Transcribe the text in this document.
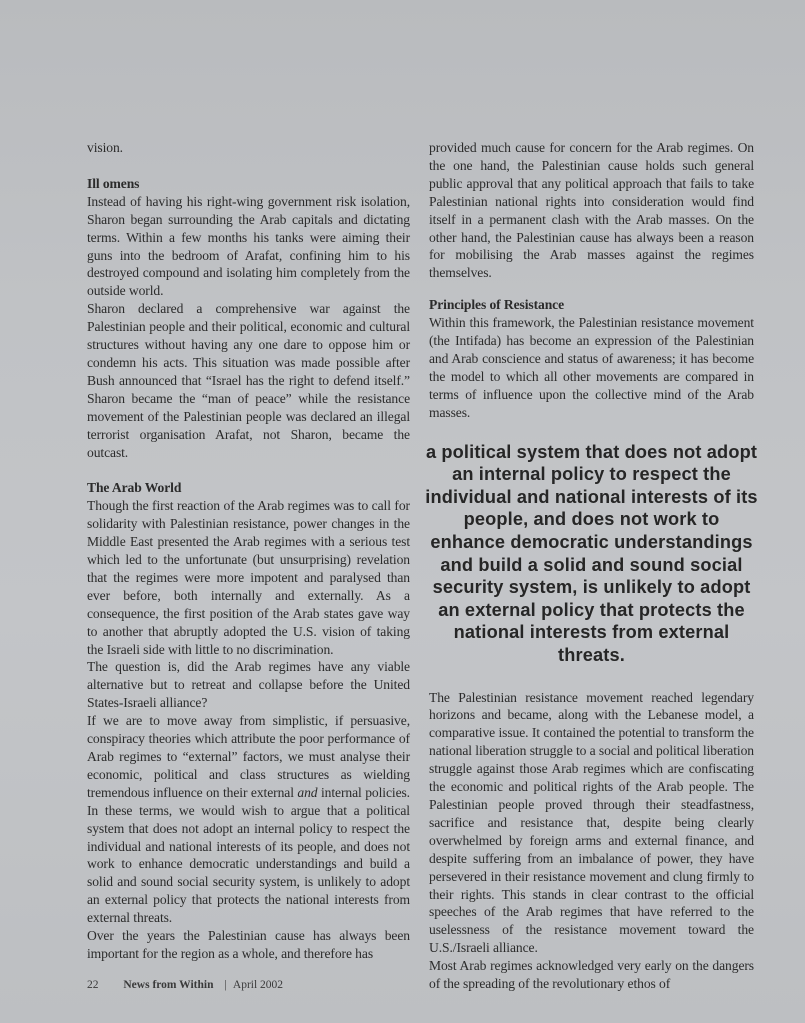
vision.

Ill omens

Instead of having his right-wing government risk isolation, Sharon began surrounding the Arab capitals and dictating terms. Within a few months his tanks were aiming their guns into the bedroom of Arafat, confining him to his destroyed compound and isolating him completely from the outside world.

Sharon declared a comprehensive war against the Palestinian people and their political, economic and cultural structures without having any one dare to oppose him or condemn his acts. This situation was made possible after Bush announced that “Israel has the right to defend itself.” Sharon became the “man of peace” while the resistance movement of the Palestinian people was declared an illegal terrorist organisation Arafat, not Sharon, became the outcast.

The Arab World

Though the first reaction of the Arab regimes was to call for solidarity with Palestinian resistance, power changes in the Middle East presented the Arab regimes with a serious test which led to the unfortunate (but unsurprising) revelation that the regimes were more impotent and paralysed than ever before, both internally and externally. As a consequence, the first position of the Arab states gave way to another that abruptly adopted the U.S. vision of taking the Israeli side with little to no discrimination.

The question is, did the Arab regimes have any viable alternative but to retreat and collapse before the United States-Israeli alliance?

If we are to move away from simplistic, if persuasive, conspiracy theories which attribute the poor performance of Arab regimes to “external” factors, we must analyse their economic, political and class structures as wielding tremendous influence on their external and internal policies. In these terms, we would wish to argue that a political system that does not adopt an internal policy to respect the individual and national interests of its people, and does not work to enhance democratic understandings and build a solid and sound social security system, is unlikely to adopt an external policy that protects the national interests from external threats.

Over the years the Palestinian cause has always been important for the region as a whole, and therefore has

provided much cause for concern for the Arab regimes. On the one hand, the Palestinian cause holds such general public approval that any political approach that fails to take Palestinian national rights into consideration would find itself in a permanent clash with the Arab masses. On the other hand, the Palestinian cause has always been a reason for mobilising the Arab masses against the regimes themselves.

Principles of Resistance

Within this framework, the Palestinian resistance movement (the Intifada) has become an expression of the Palestinian and Arab conscience and status of awareness; it has become the model to which all other movements are compared in terms of influence upon the collective mind of the Arab masses.

a political system that does not adopt an internal policy to respect the individual and national interests of its people, and does not work to enhance democratic understandings and build a solid and sound social security system, is unlikely to adopt an external policy that protects the national interests from external threats.

The Palestinian resistance movement reached legendary horizons and became, along with the Lebanese model, a comparative issue. It contained the potential to transform the national liberation struggle to a social and political liberation struggle against those Arab regimes which are confiscating the economic and political rights of the Arab people. The Palestinian people proved through their steadfastness, sacrifice and resistance that, despite being clearly overwhelmed by foreign arms and external finance, and despite suffering from an imbalance of power, they have persevered in their resistance movement and clung firmly to their rights. This stands in clear contrast to the official speeches of the Arab regimes that have referred to the uselessness of the resistance movement toward the U.S./Israeli alliance.

Most Arab regimes acknowledged very early on the dangers of the spreading of the revolutionary ethos of

22 News from Within | April 2002
